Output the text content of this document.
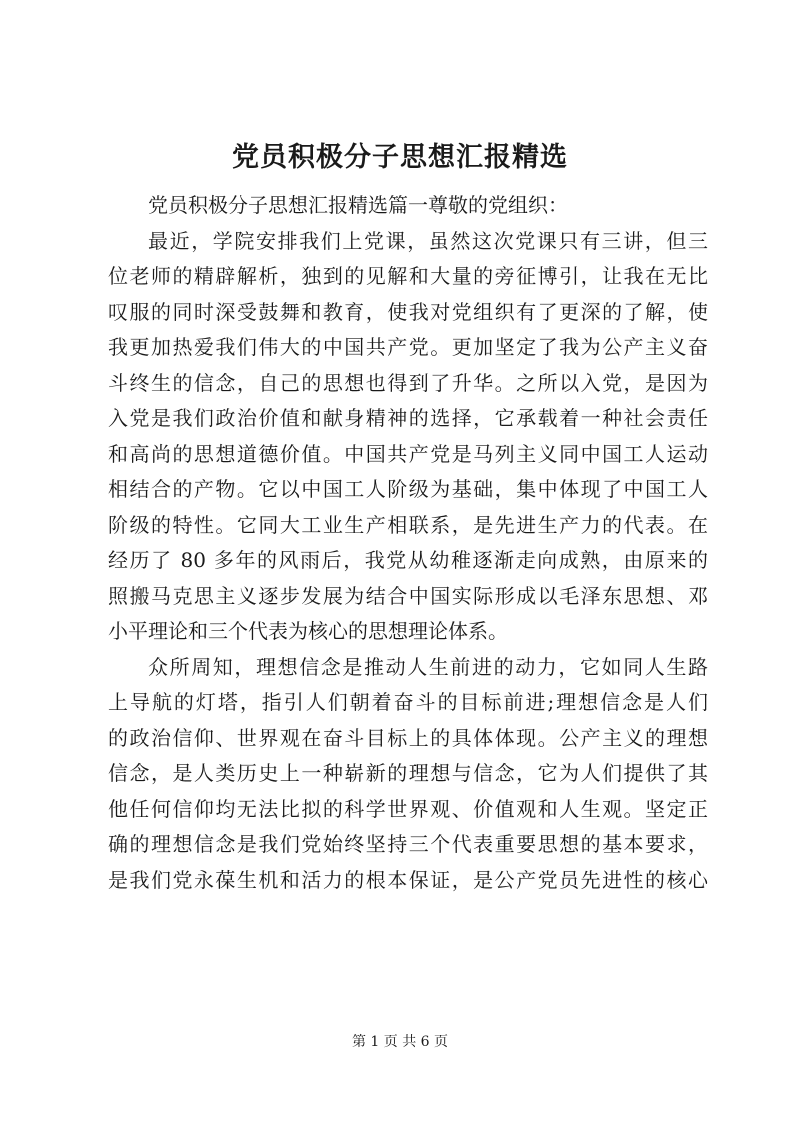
党员积极分子思想汇报精选
党员积极分子思想汇报精选篇一尊敬的党组织：
最近，学院安排我们上党课，虽然这次党课只有三讲，但三
位老师的精辟解析，独到的见解和大量的旁征博引，让我在无比
叹服的同时深受鼓舞和教育，使我对党组织有了更深的了解，使
我更加热爱我们伟大的中国共产党。更加坚定了我为公产主义奋
斗终生的信念，自己的思想也得到了升华。之所以入党，是因为
入党是我们政治价值和献身精神的选择，它承载着一种社会责任
和高尚的思想道德价值。中国共产党是马列主义同中国工人运动
相结合的产物。它以中国工人阶级为基础，集中体现了中国工人
阶级的特性。它同大工业生产相联系，是先进生产力的代表。在
经历了 80 多年的风雨后，我党从幼稚逐渐走向成熟，由原来的
照搬马克思主义逐步发展为结合中国实际形成以毛泽东思想、邓
小平理论和三个代表为核心的思想理论体系。
众所周知，理想信念是推动人生前进的动力，它如同人生路
上导航的灯塔，指引人们朝着奋斗的目标前进;理想信念是人们
的政治信仰、世界观在奋斗目标上的具体体现。公产主义的理想
信念，是人类历史上一种崭新的理想与信念，它为人们提供了其
他任何信仰均无法比拟的科学世界观、价值观和人生观。坚定正
确的理想信念是我们党始终坚持三个代表重要思想的基本要求，
是我们党永葆生机和活力的根本保证，是公产党员先进性的核心
第 1 页 共 6 页
